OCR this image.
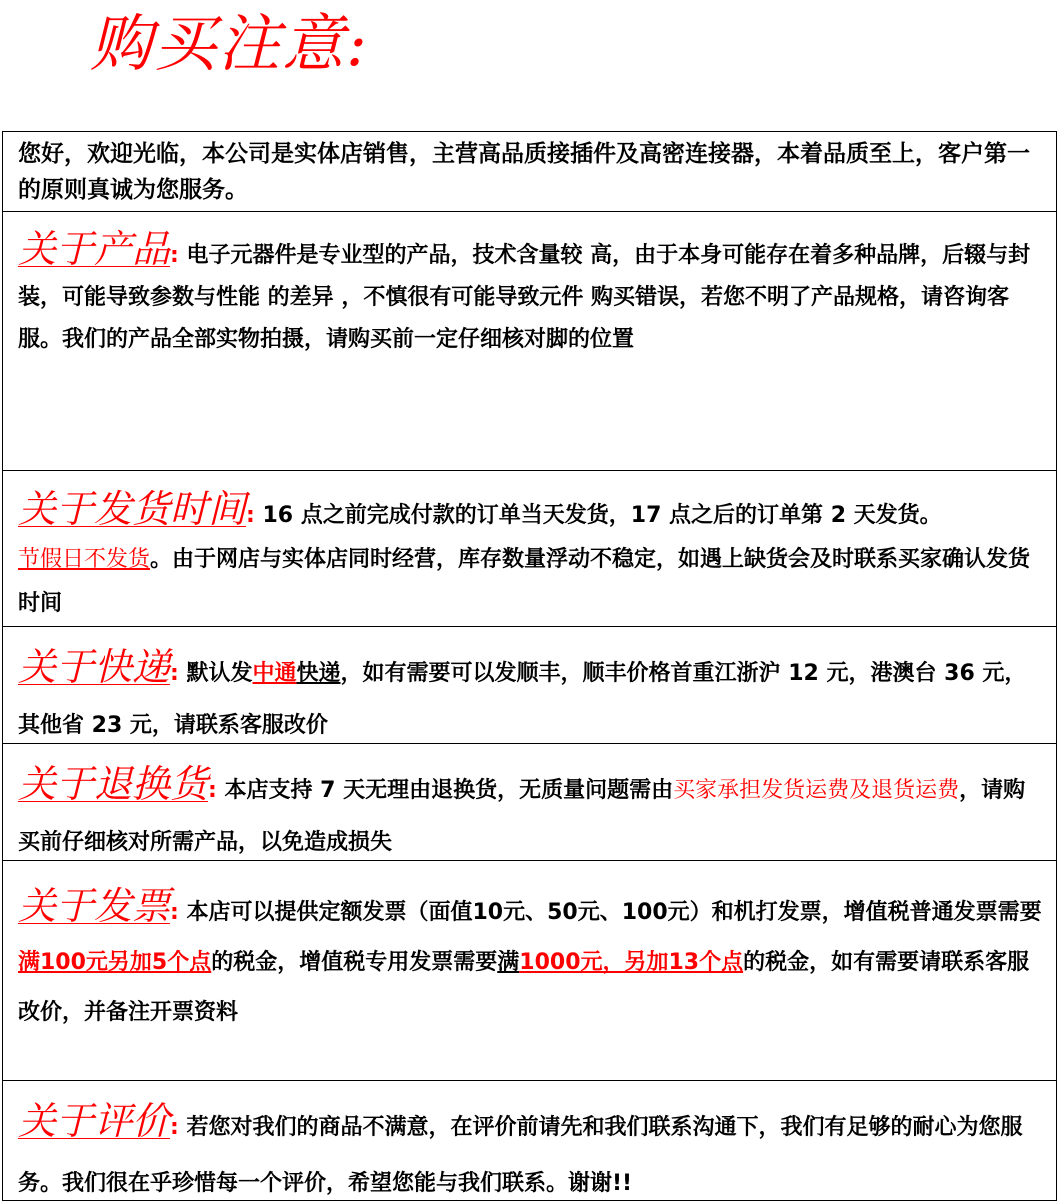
购买注意:
您好，欢迎光临，本公司是实体店销售，主营高品质接插件及高密连接器，本着品质至上，客户第一的原则真诚为您服务。
关于产品: 电子元器件是专业型的产品，技术含量较 高，由于本身可能存在着多种品牌，后辍与封装，可能导致参数与性能 的差异 ，不慎很有可能导致元件 购买错误，若您不明了产品规格，请咨询客服。我们的产品全部实物拍摄，请购买前一定仔细核对脚的位置
关于发货时间: 16 点之前完成付款的订单当天发货，17 点之后的订单第 2 天发货。
节假日不发货。由于网店与实体店同时经营，库存数量浮动不稳定，如遇上缺货会及时联系买家确认发货时间
关于快递: 默认发中通快递，如有需要可以发顺丰，顺丰价格首重江浙沪 12 元，港澳台 36 元，其他省 23 元，请联系客服改价
关于退换货: 本店支持 7 天无理由退换货，无质量问题需由买家承担发货运费及退货运费，请购买前仔细核对所需产品，以免造成损失
关于发票: 本店可以提供定额发票（面值10元、50元、100元）和机打发票，增值税普通发票需要满100元另加5个点的税金，增值税专用发票需要满1000元，另加13个点的税金，如有需要请联系客服改价，并备注开票资料
关于评价: 若您对我们的商品不满意，在评价前请先和我们联系沟通下，我们有足够的耐心为您服务。我们很在乎珍惜每一个评价，希望您能与我们联系。谢谢!!
